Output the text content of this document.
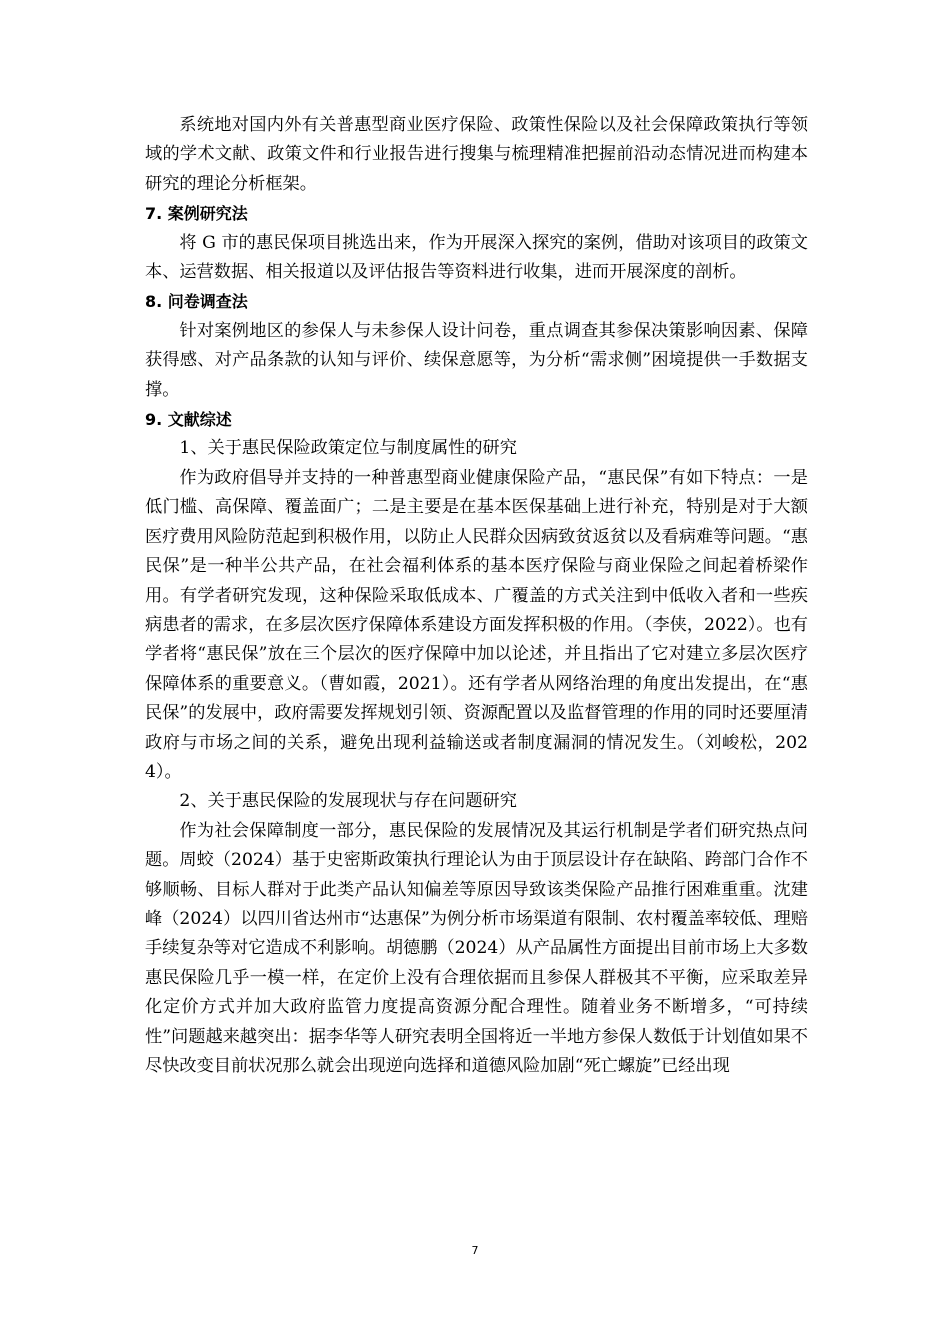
系统地对国内外有关普惠型商业医疗保险、政策性保险以及社会保障政策执行等领域的学术文献、政策文件和行业报告进行搜集与梳理精准把握前沿动态情况进而构建本研究的理论分析框架。

7. 案例研究法

将 G 市的惠民保项目挑选出来，作为开展深入探究的案例，借助对该项目的政策文本、运营数据、相关报道以及评估报告等资料进行收集，进而开展深度的剖析。

8. 问卷调查法

针对案例地区的参保人与未参保人设计问卷，重点调查其参保决策影响因素、保障获得感、对产品条款的认知与评价、续保意愿等，为分析“需求侧”困境提供一手数据支撑。

9. 文献综述

1、关于惠民保险政策定位与制度属性的研究

作为政府倡导并支持的一种普惠型商业健康保险产品，“惠民保”有如下特点：一是低门槛、高保障、覆盖面广；二是主要是在基本医保基础上进行补充，特别是对于大额医疗费用风险防范起到积极作用，以防止人民群众因病致贫返贫以及看病难等问题。“惠民保”是一种半公共产品，在社会福利体系的基本医疗保险与商业保险之间起着桥梁作用。有学者研究发现，这种保险采取低成本、广覆盖的方式关注到中低收入者和一些疾病患者的需求，在多层次医疗保障体系建设方面发挥积极的作用。（李侠，2022）。也有学者将“惠民保”放在三个层次的医疗保障中加以论述，并且指出了它对建立多层次医疗保障体系的重要意义。（曹如霞，2021）。还有学者从网络治理的角度出发提出，在“惠民保”的发展中，政府需要发挥规划引领、资源配置以及监督管理的作用的同时还要厘清政府与市场之间的关系，避免出现利益输送或者制度漏洞的情况发生。（刘峻松，2024）。

2、关于惠民保险的发展现状与存在问题研究

作为社会保障制度一部分，惠民保险的发展情况及其运行机制是学者们研究热点问题。周蛟（2024）基于史密斯政策执行理论认为由于顶层设计存在缺陷、跨部门合作不够顺畅、目标人群对于此类产品认知偏差等原因导致该类保险产品推行困难重重。沈建峰（2024）以四川省达州市“达惠保”为例分析市场渠道有限制、农村覆盖率较低、理赔手续复杂等对它造成不利影响。胡德鹏（2024）从产品属性方面提出目前市场上大多数惠民保险几乎一模一样，在定价上没有合理依据而且参保人群极其不平衡，应采取差异化定价方式并加大政府监管力度提高资源分配合理性。随着业务不断增多，“可持续性”问题越来越突出：据李华等人研究表明全国将近一半地方参保人数低于计划值如果不尽快改变目前状况那么就会出现逆向选择和道德风险加剧“死亡螺旋”已经出现

7
